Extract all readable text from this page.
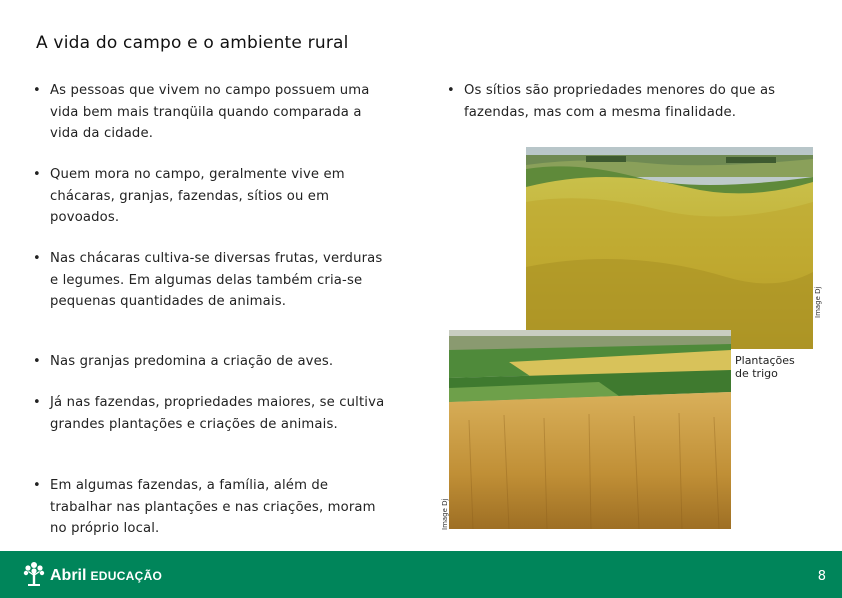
A vida do campo e o ambiente rural
• As pessoas que vivem no campo possuem uma vida bem mais tranqüila quando comparada a vida da cidade.
• Quem mora no campo, geralmente vive em chácaras, granjas, fazendas, sítios ou em povoados.
• Nas chácaras cultiva-se diversas frutas, verduras e legumes. Em algumas delas também cria-se pequenas quantidades de animais.
• Nas granjas predomina a criação de aves.
• Já nas fazendas, propriedades maiores, se cultiva grandes plantações e criações de animais.
• Em algumas fazendas, a família, além de trabalhar nas plantações e nas criações, moram no próprio local.
• Os sítios são propriedades menores do que as fazendas, mas com a mesma finalidade.
Image Dj
Image Dj
Plantações de trigo
Abril EDUCAÇÃO	8
